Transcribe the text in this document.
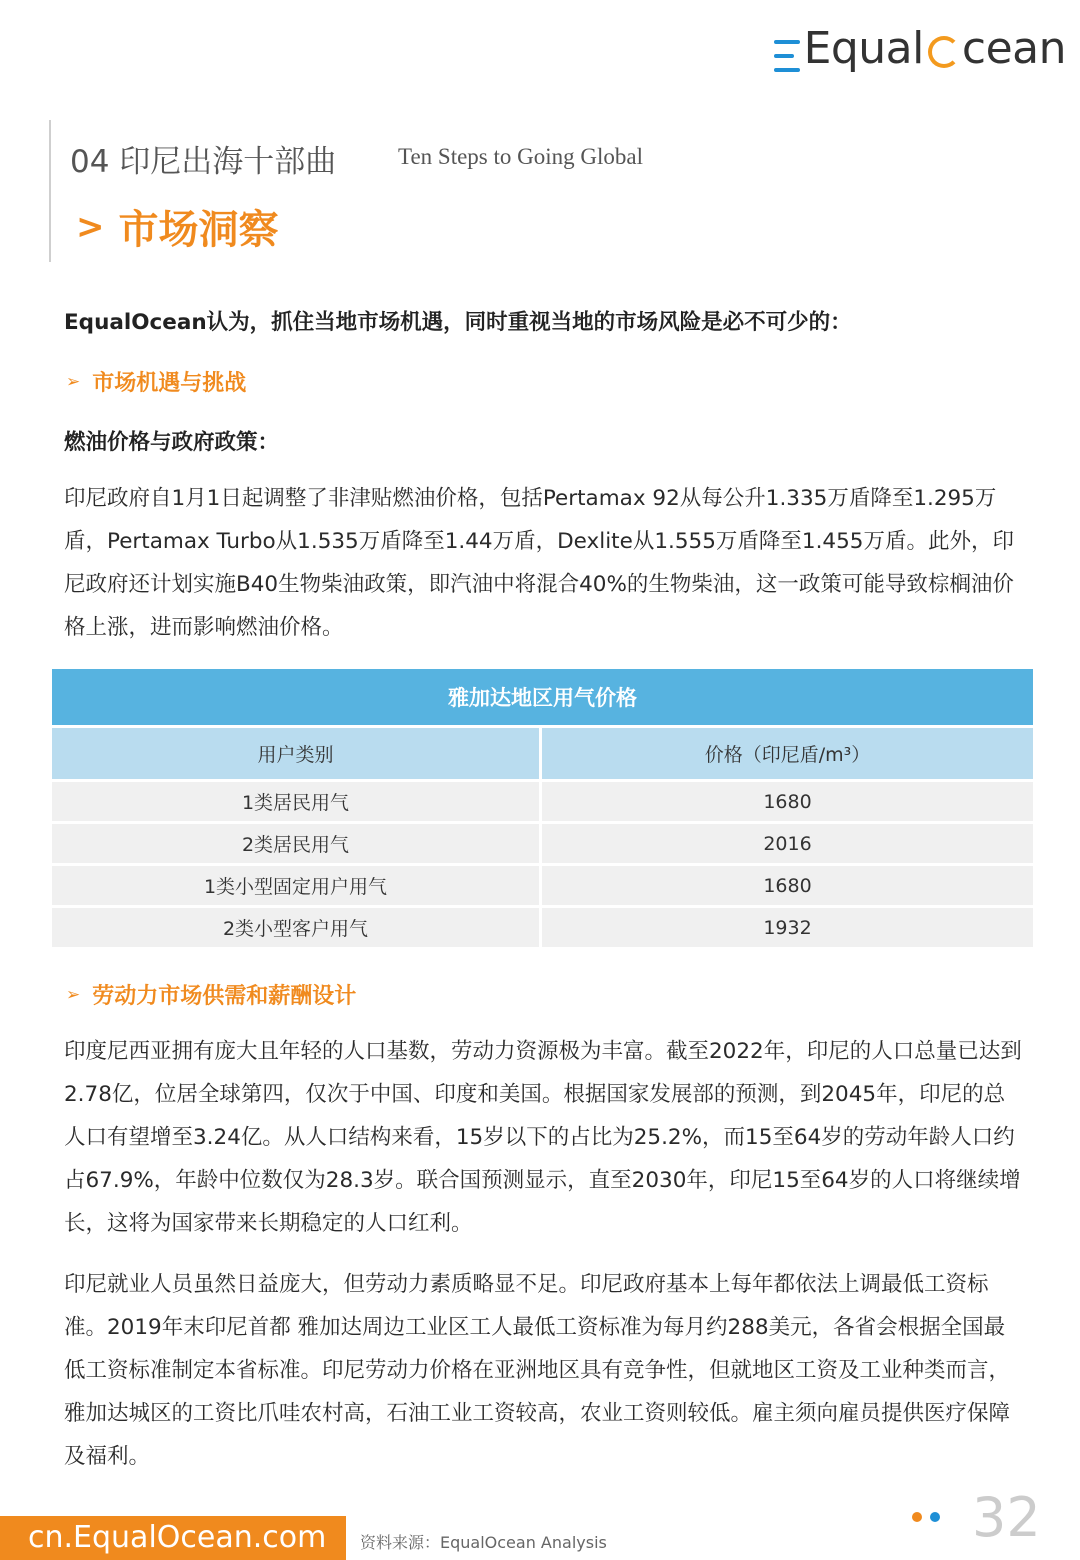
Equal cean
04 印尼出海十部曲	Ten Steps to Going Global
> 市场洞察
EqualOcean认为，抓住当地市场机遇，同时重视当地的市场风险是必不可少的：
➢ 市场机遇与挑战
燃油价格与政府政策：
印尼政府自1月1日起调整了非津贴燃油价格，包括Pertamax 92从每公升1.335万盾降至1.295万盾，Pertamax Turbo从1.535万盾降至1.44万盾，Dexlite从1.555万盾降至1.455万盾。此外，印尼政府还计划实施B40生物柴油政策，即汽油中将混合40%的生物柴油，这一政策可能导致棕榈油价格上涨，进而影响燃油价格。
雅加达地区用气价格	
用户类别	价格（印尼盾/m³）
1类居民用气	1680
2类居民用气	2016
1类小型固定用户用气	1680
2类小型客户用气	1932
➢ 劳动力市场供需和薪酬设计
印度尼西亚拥有庞大且年轻的人口基数，劳动力资源极为丰富。截至2022年，印尼的人口总量已达到2.78亿，位居全球第四，仅次于中国、印度和美国。根据国家发展部的预测，到2045年，印尼的总人口有望增至3.24亿。从人口结构来看，15岁以下的占比为25.2%，而15至64岁的劳动年龄人口约占67.9%，年龄中位数仅为28.3岁。联合国预测显示，直至2030年，印尼15至64岁的人口将继续增长，这将为国家带来长期稳定的人口红利。
印尼就业人员虽然日益庞大，但劳动力素质略显不足。印尼政府基本上每年都依法上调最低工资标准。2019年末印尼首都 雅加达周边工业区工人最低工资标准为每月约288美元，各省会根据全国最低工资标准制定本省标准。印尼劳动力价格在亚洲地区具有竞争性，但就地区工资及工业种类而言，雅加达城区的工资比爪哇农村高，石油工业工资较高，农业工资则较低。雇主须向雇员提供医疗保障及福利。
cn.EqualOcean.com	资料来源：EqualOcean Analysis	32
